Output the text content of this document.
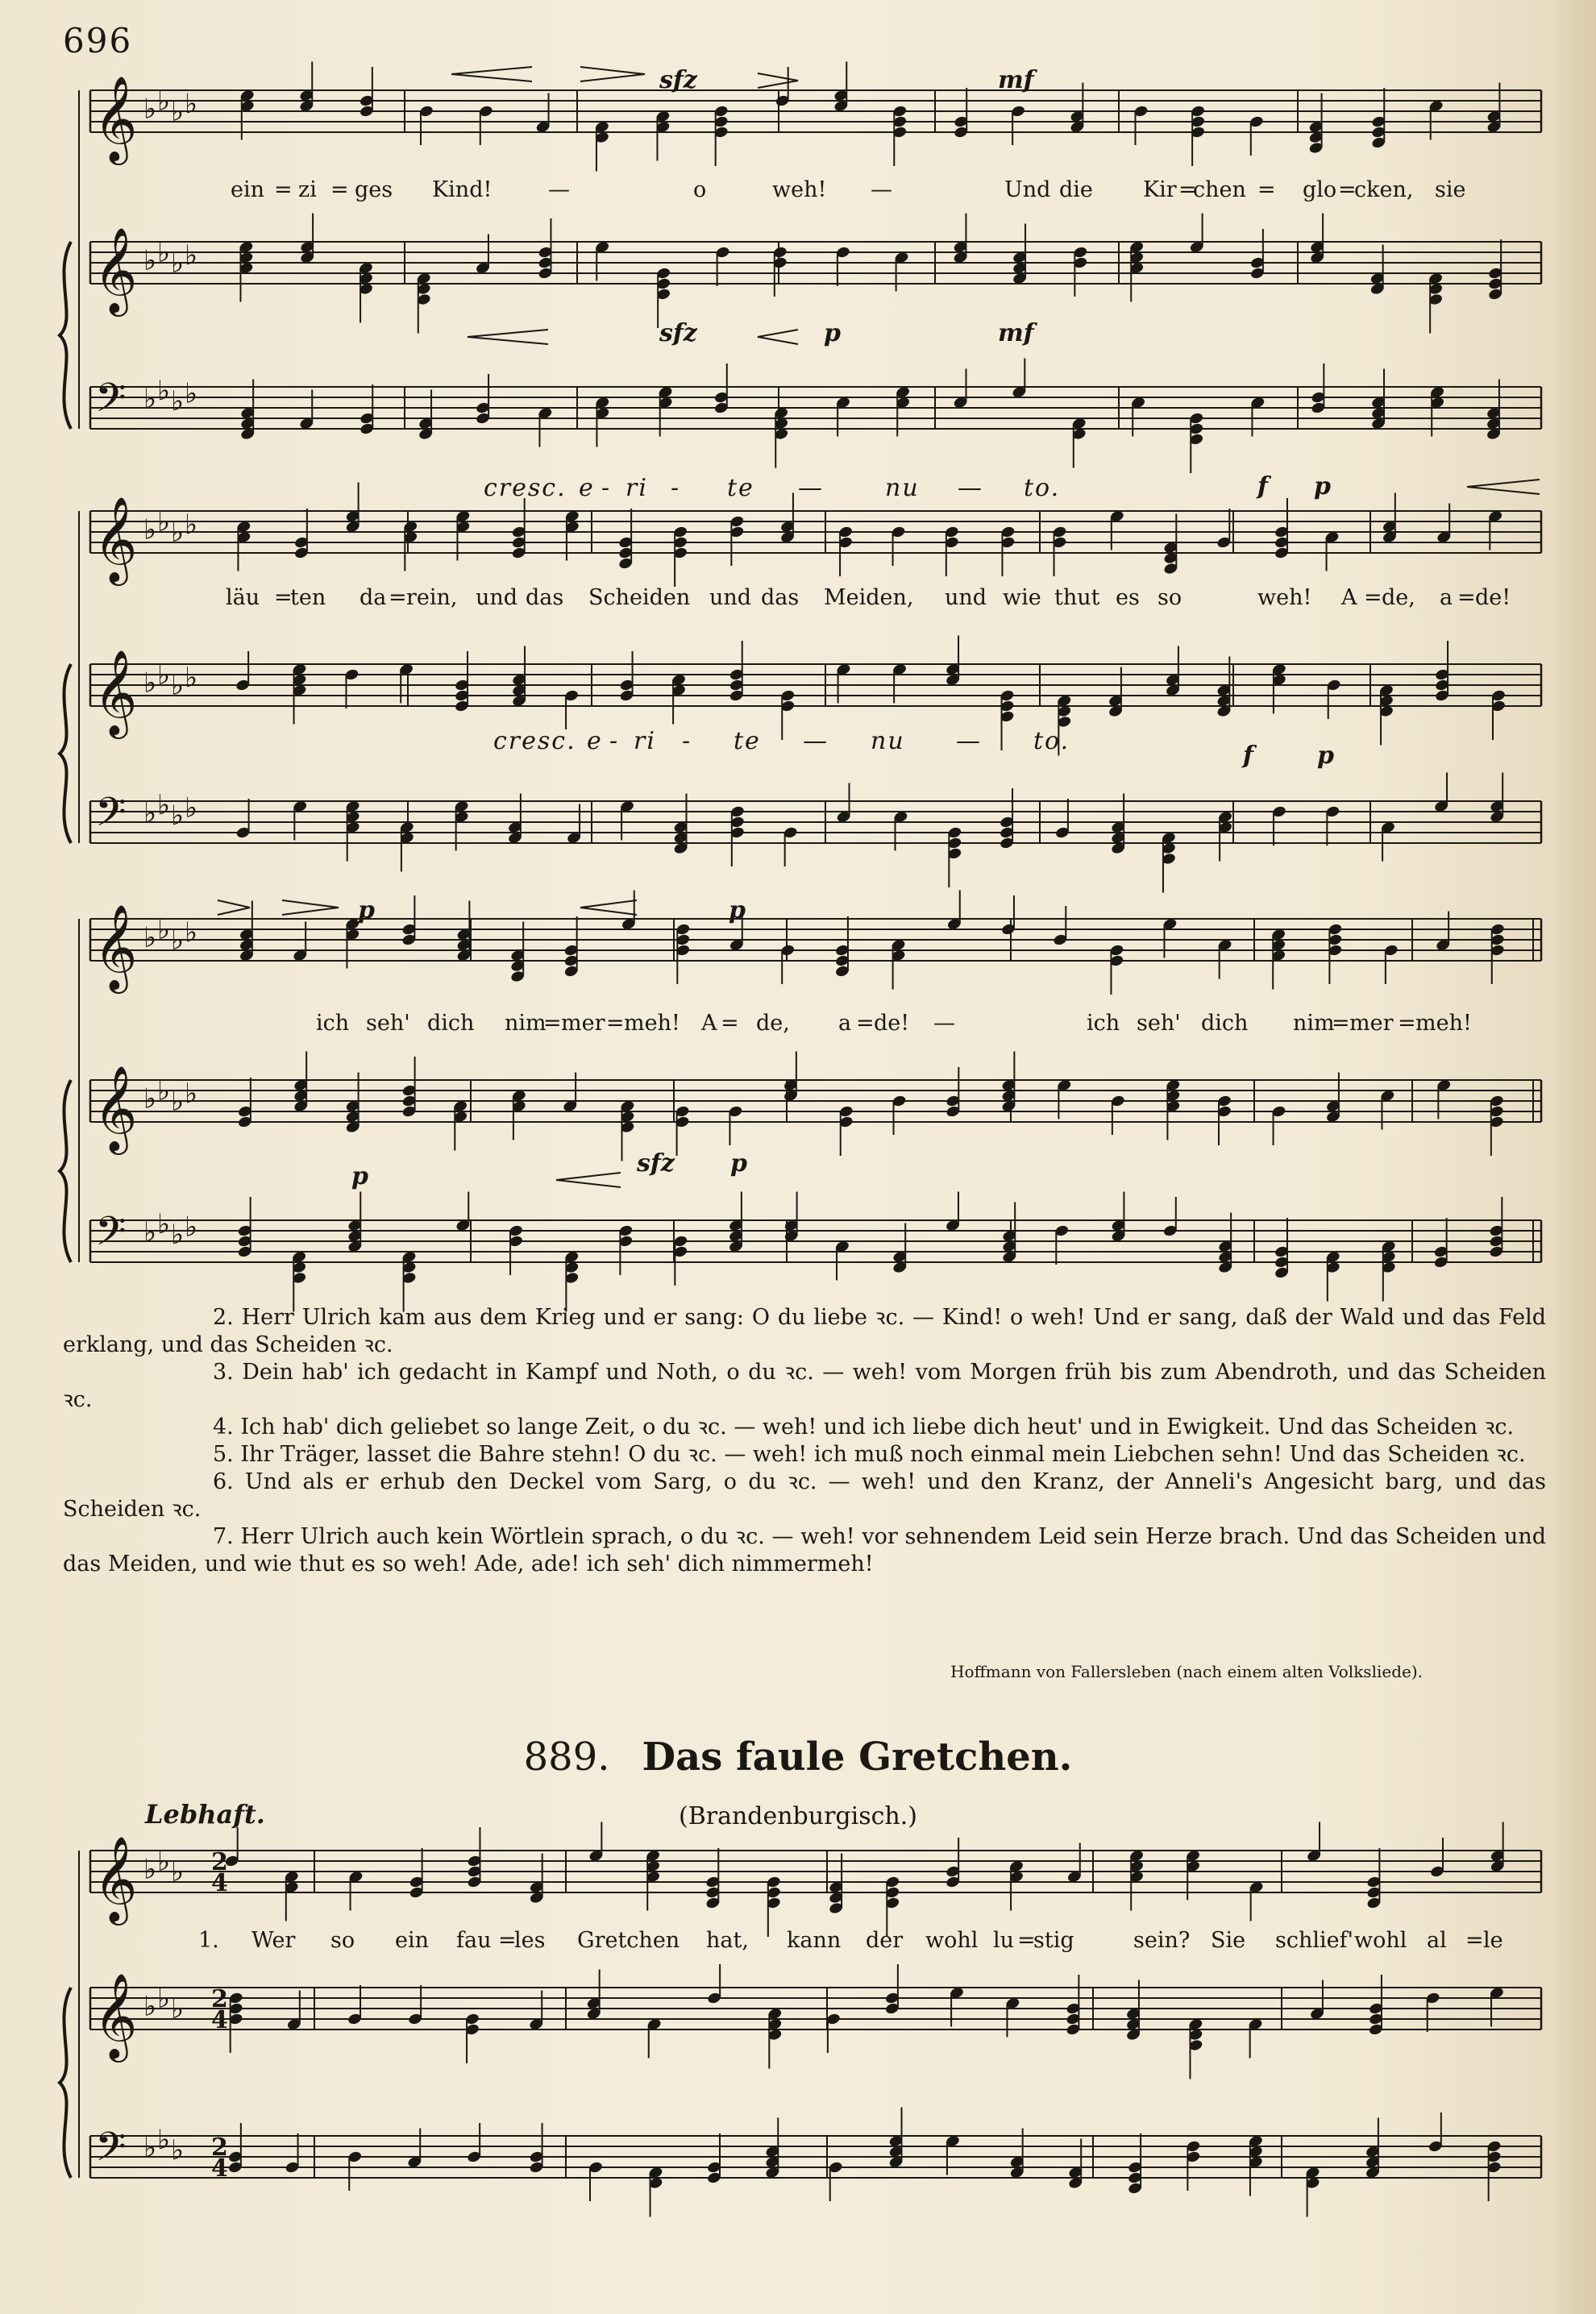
696
𝄞 ♭ ♭ ♭ ♭
𝄞 ♭ ♭ ♭ ♭
𝄢 ♭ ♭ ♭ ♭
𝄞 ♭ ♭ ♭ ♭
𝄞 ♭ ♭ ♭ ♭
𝄢 ♭ ♭ ♭ ♭
𝄞 ♭ ♭ ♭ ♭
𝄞 ♭ ♭ ♭ ♭
𝄢 ♭ ♭ ♭ ♭
𝄞 ♭ ♭ ♭
𝄞 ♭ ♭ ♭
𝄢 ♭ ♭ ♭
2
4
2
4
2
4
sfz	mf
sfz	p	mf
ein = zi = ges Kind!	—	o	weh! —	Und die Kir =
chen = glo =
cken, sie
cresc. e - ri - te —	nu — to.	f p
läu =
ten da = rein, und das Scheiden und das Meiden, und wie thut es so	weh! A = de, a = de!
cresc. e - ri - te — nu — to.
f	p
p	p
ich seh' dich nim
= mer = meh! A = de, a = de! —	ich seh' dich nim
= mer = meh!
p	sfz p

2. Herr Ulrich kam aus dem Krieg und er sang: O du liebe ꝛc. — Kind! o weh! Und er sang, daß der Wald und das Feld erklang, und das Scheiden ꝛc.

3. Dein hab' ich gedacht in Kampf und Noth, o du ꝛc. — weh! vom Morgen früh bis zum Abendroth, und das Scheiden ꝛc.

4. Ich hab' dich geliebet so lange Zeit, o du ꝛc. — weh! und ich liebe dich heut' und in Ewigkeit. Und das Scheiden ꝛc.

5. Ihr Träger, lasset die Bahre stehn! O du ꝛc. — weh! ich muß noch einmal mein Liebchen sehn! Und das Scheiden ꝛc.

6. Und als er erhub den Deckel vom Sarg, o du ꝛc. — weh! und den Kranz, der Anneli's Angesicht barg, und das Scheiden ꝛc.

7. Herr Ulrich auch kein Wörtlein sprach, o du ꝛc. — weh! vor sehnendem Leid sein Herze brach. Und das Scheiden und das Meiden, und wie thut es so weh! Ade, ade! ich seh' dich nimmermeh!

Hoffmann von Fallersleben (nach einem alten Volksliede).
889. Das faule Gretchen.
Lebhaft.	(Brandenburgisch.)
1. Wer so ein fau =
les Gretchen hat, kann der wohl lu =
stig	sein? Sie schlief' wohl al = le
